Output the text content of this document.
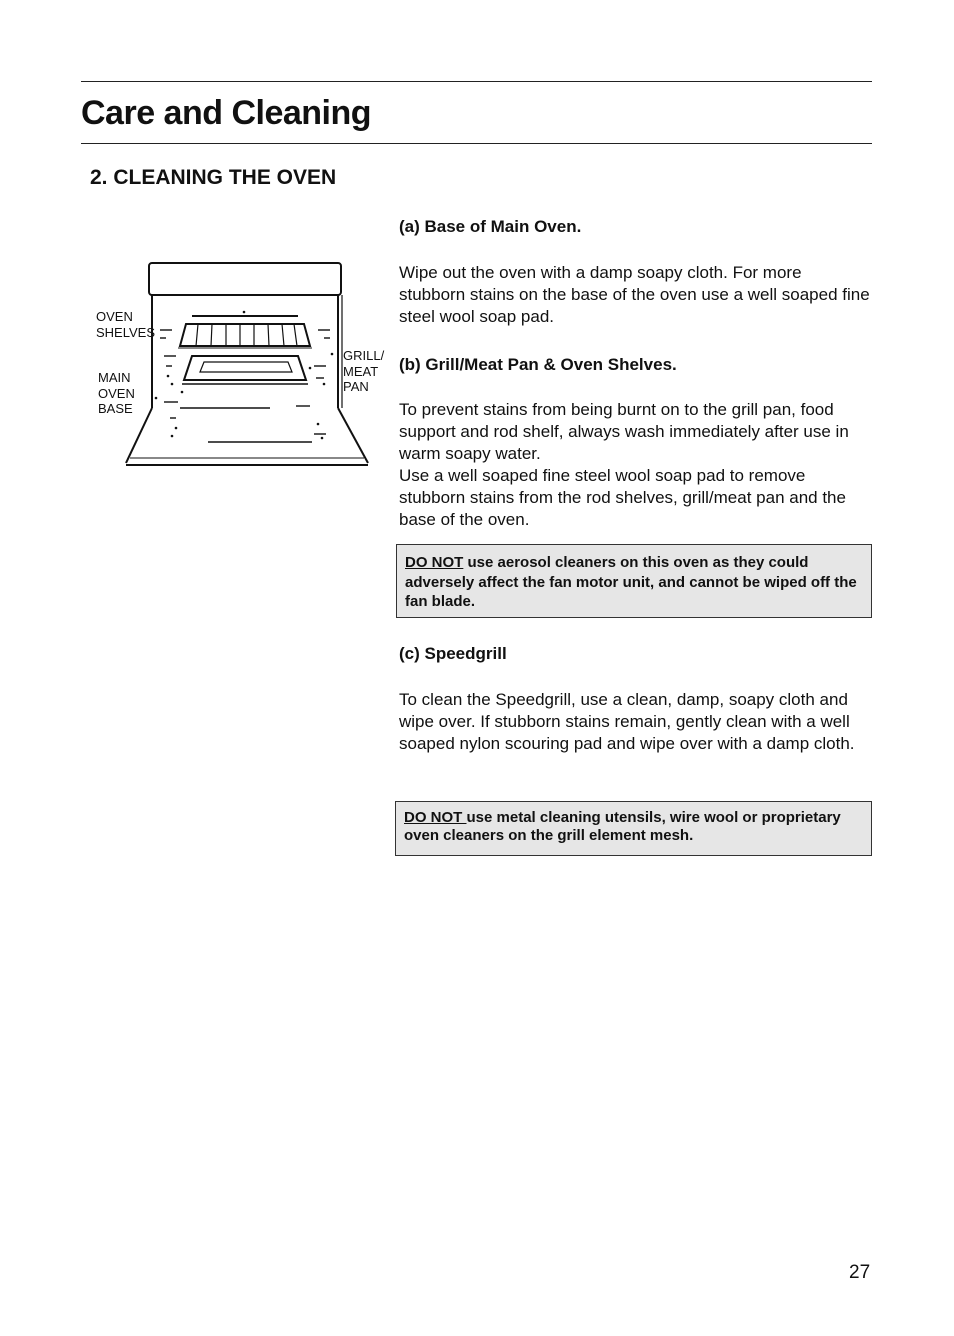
Care and Cleaning
2. CLEANING THE OVEN
OVEN
SHELVES
MAIN
OVEN
BASE
GRILL/
MEAT
PAN

(a) Base of Main Oven.

Wipe out the oven with a damp soapy cloth. For more stubborn stains on the base of the oven use a well soaped fine steel wool soap pad.

(b) Grill/Meat Pan & Oven Shelves.

To prevent stains from being burnt on to the grill pan, food support and rod shelf, always wash immediately after use in warm soapy water.

Use a well soaped fine steel wool soap pad to remove stubborn stains from the rod shelves, grill/meat pan and the base of the oven.

DO NOT use aerosol cleaners on this oven as they could adversely affect the fan motor unit, and cannot be wiped off the fan blade.

(c) Speedgrill

To clean the Speedgrill, use a clean, damp, soapy cloth and wipe over. If stubborn stains remain, gently clean with a well soaped nylon scouring pad and wipe over with a damp cloth.

DO NOT use metal cleaning utensils, wire wool or proprietary oven cleaners on the grill element mesh.
27
